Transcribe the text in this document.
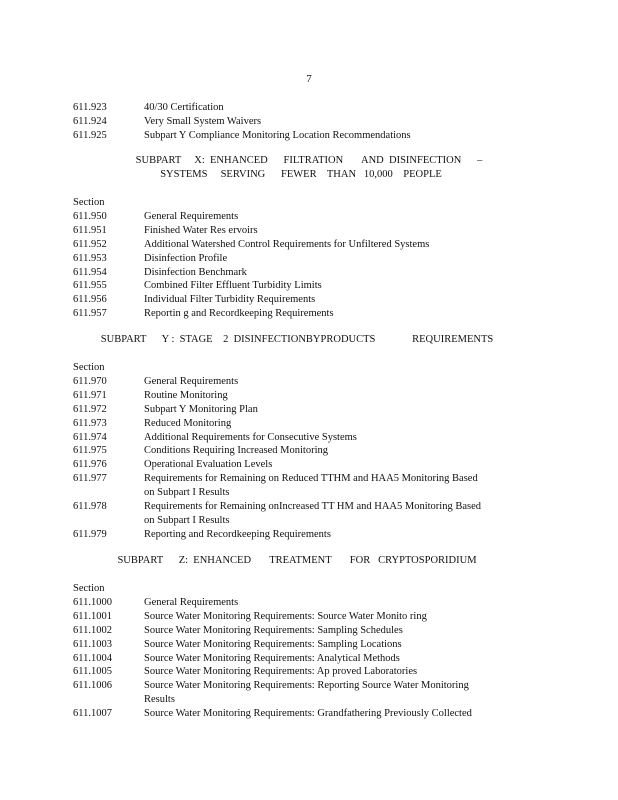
7
611.923	40/30 Certification
611.924	Very Small System Waivers
611.925	Subpart Y Compliance Monitoring Location Recommendations
SUBPART     X:  ENHANCED      FILTRATION       AND  DISINFECTION      –
SYSTEMS     SERVING      FEWER    THAN   10,000    PEOPLE
Section
611.950	General Requirements
611.951	Finished Water Res ervoirs
611.952	Additional Watershed Control Requirements for Unfiltered Systems
611.953	Disinfection Profile
611.954	Disinfection Benchmark
611.955	Combined Filter Effluent Turbidity Limits
611.956	Individual Filter Turbidity Requirements
611.957	Reportin g and Recordkeeping Requirements
SUBPART      Y :  STAGE    2  DISINFECTIONBYPRODUCTS              REQUIREMENTS
Section
611.970	General Requirements
611.971	Routine Monitoring
611.972	Subpart Y Monitoring Plan
611.973	Reduced Monitoring
611.974	Additional Requirements for Consecutive Systems
611.975	Conditions Requiring Increased Monitoring
611.976	Operational Evaluation Levels
611.977	Requirements for Remaining on Reduced TTHM and HAA5 Monitoring Based
on Subpart I Results
611.978	Requirements for Remaining onIncreased TT HM and HAA5 Monitoring Based
on Subpart I Results
611.979	Reporting and Recordkeeping Requirements
SUBPART      Z:  ENHANCED       TREATMENT       FOR   CRYPTOSPORIDIUM
Section
611.1000	General Requirements
611.1001	Source Water Monitoring Requirements: Source Water Monito ring
611.1002	Source Water Monitoring Requirements: Sampling Schedules
611.1003	Source Water Monitoring Requirements: Sampling Locations
611.1004	Source Water Monitoring Requirements: Analytical Methods
611.1005	Source Water Monitoring Requirements: Ap proved Laboratories
611.1006	Source Water Monitoring Requirements: Reporting Source Water Monitoring
Results
611.1007	Source Water Monitoring Requirements: Grandfathering Previously Collected
